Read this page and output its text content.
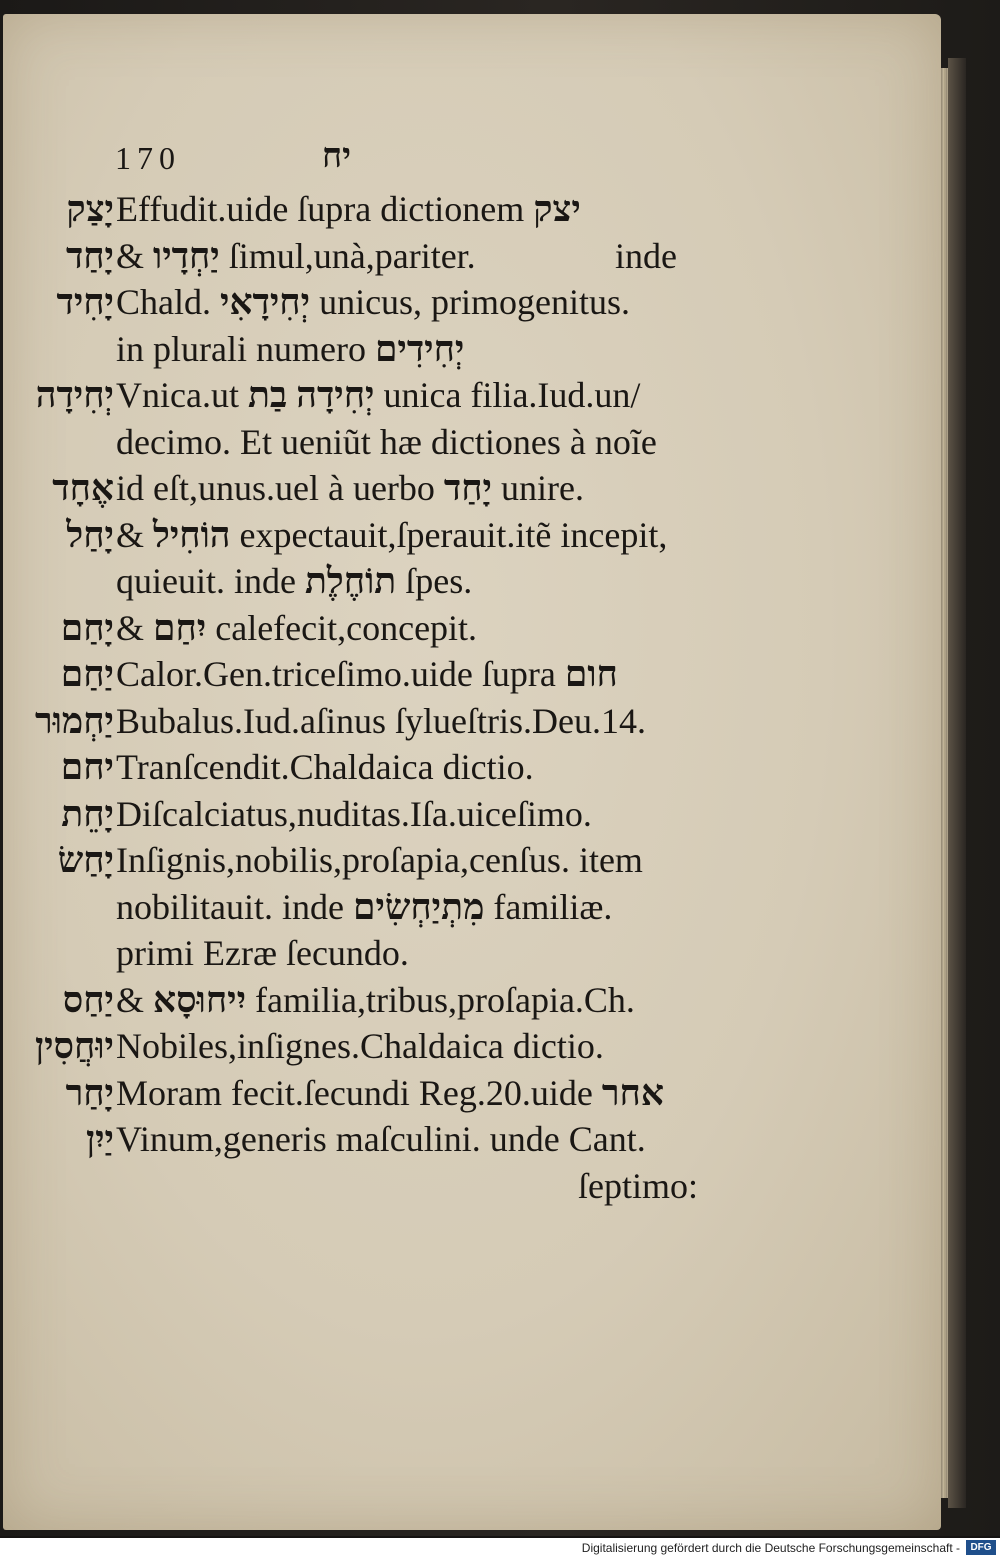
170	יח
יָצַק Effudit.uide ſupra dictionem יצק
יָחַד & יַחְדָיו ſimul,unà,pariter.	inde
יָחִיד Chald. יְחִידָאִי unicus, primogenitus.
in plurali numero יְחִידִים
יְחִידָה Vnica.ut יְחִידָה בַת unica filia.Iud.un/
decimo. Et ueniũt hæ dictiones à noĩe
אֶחָד id eſt,unus.uel à uerbo יָחַד unire.
יָחַל & הוֹחִיל expectauit,ſperauit.itẽ incepit,
quieuit. inde תוֹחֶלֶת ſpes.
יָחַם & יִחַם calefecit,concepit.
יַחַם Calor.Gen.triceſimo.uide ſupra חום
יַחְמוּר Bubalus.Iud.aſinus ſylueſtris.Deu.14.
יחם Tranſcendit.Chaldaica dictio.
יָחֵת Diſcalciatus,nuditas.Iſa.uiceſimo.
יָחַשׂ Inſignis,nobilis,proſapia,cenſus. item
nobilitauit. inde מִתְיַחְשִׂים familiæ.
primi Ezræ ſecundo.
יַחַס & יִיחוּסָא familia,tribus,proſapia.Ch.
יוּחֲסִין Nobiles,inſignes.Chaldaica dictio.
יָחַר Moram fecit.ſecundi Reg.20.uide אחר
יַיִן Vinum,generis maſculini. unde Cant.
ſeptimo:
Digitalisierung gefördert durch die Deutsche Forschungsgemeinschaft -	DFG
